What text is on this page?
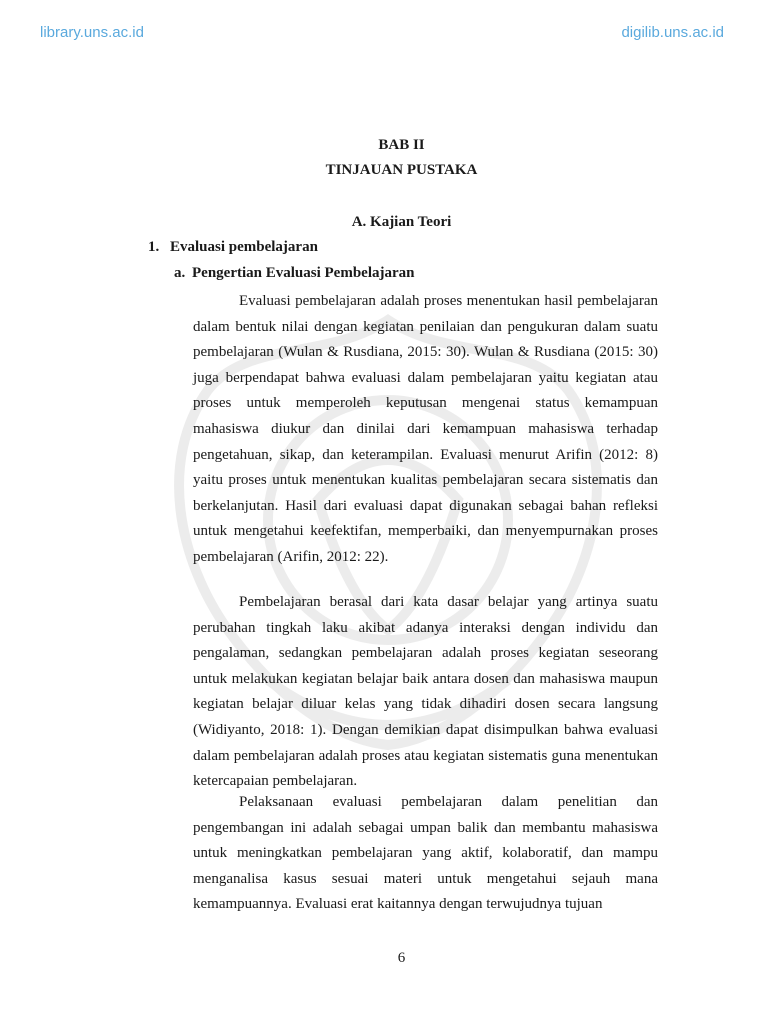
library.uns.ac.id	digilib.uns.ac.id
BAB II
TINJAUAN PUSTAKA
A. Kajian Teori
1. Evaluasi pembelajaran
a. Pengertian Evaluasi Pembelajaran

Evaluasi pembelajaran adalah proses menentukan hasil pembelajaran dalam bentuk nilai dengan kegiatan penilaian dan pengukuran dalam suatu pembelajaran (Wulan & Rusdiana, 2015: 30). Wulan & Rusdiana (2015: 30) juga berpendapat bahwa evaluasi dalam pembelajaran yaitu kegiatan atau proses untuk memperoleh keputusan mengenai status kemampuan mahasiswa diukur dan dinilai dari kemampuan mahasiswa terhadap pengetahuan, sikap, dan keterampilan. Evaluasi menurut Arifin (2012: 8) yaitu proses untuk menentukan kualitas pembelajaran secara sistematis dan berkelanjutan. Hasil dari evaluasi dapat digunakan sebagai bahan refleksi untuk mengetahui keefektifan, memperbaiki, dan menyempurnakan proses pembelajaran (Arifin, 2012: 22).

Pembelajaran berasal dari kata dasar belajar yang artinya suatu perubahan tingkah laku akibat adanya interaksi dengan individu dan pengalaman, sedangkan pembelajaran adalah proses kegiatan seseorang untuk melakukan kegiatan belajar baik antara dosen dan mahasiswa maupun kegiatan belajar diluar kelas yang tidak dihadiri dosen secara langsung (Widiyanto, 2018: 1). Dengan demikian dapat disimpulkan bahwa evaluasi dalam pembelajaran adalah proses atau kegiatan sistematis guna menentukan ketercapaian pembelajaran.

Pelaksanaan evaluasi pembelajaran dalam penelitian dan pengembangan ini adalah sebagai umpan balik dan membantu mahasiswa untuk meningkatkan pembelajaran yang aktif, kolaboratif, dan mampu menganalisa kasus sesuai materi untuk mengetahui sejauh mana kemampuannya. Evaluasi erat kaitannya dengan terwujudnya tujuan

6
